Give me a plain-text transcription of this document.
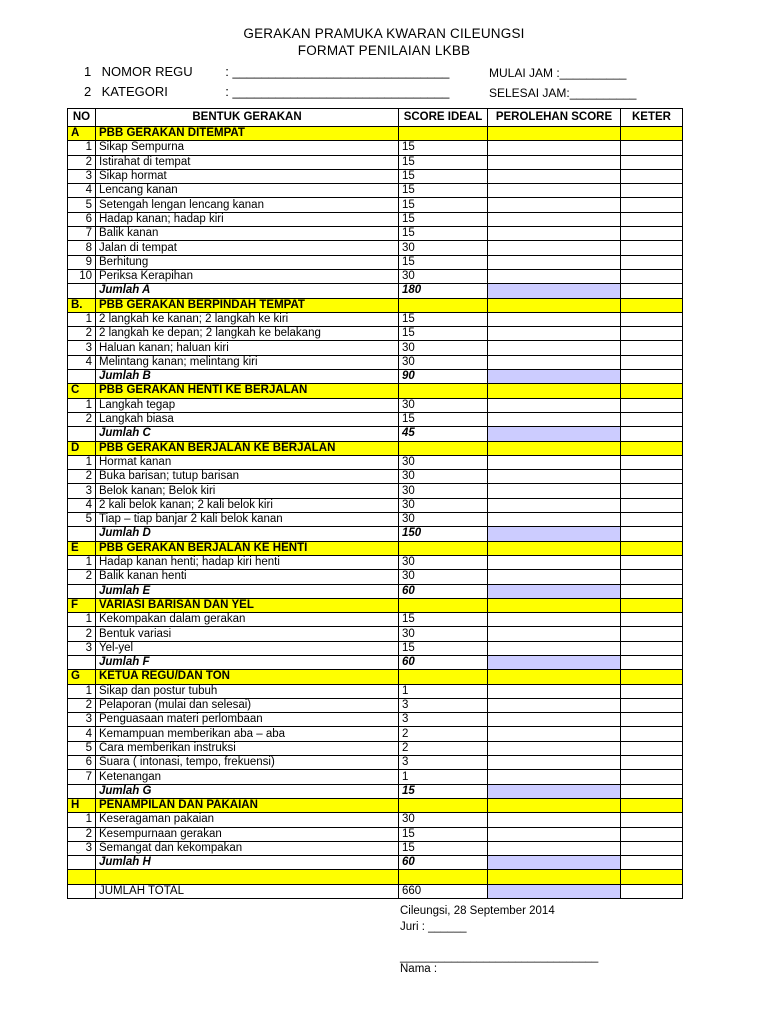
GERAKAN PRAMUKA KWARAN CILEUNGSI
FORMAT PENILAIAN LKBB
1 NOMOR REGU	: ______________________________
2 KATEGORI	: ______________________________
MULAI JAM :__________
SELESAI JAM:__________
NO	BENTUK GERAKAN	SCORE IDEAL	PEROLEHAN SCORE	KETER
A	PBB GERAKAN DITEMPAT			
1	Sikap Sempurna	15		
2	Istirahat di tempat	15		
3	Sikap hormat	15		
4	Lencang kanan	15		
5	Setengah lengan lencang kanan	15		
6	Hadap kanan; hadap kiri	15		
7	Balik kanan	15		
8	Jalan di tempat	30		
9	Berhitung	15		
10	Periksa Kerapihan	30		
	Jumlah A	180		
B.	PBB GERAKAN BERPINDAH TEMPAT			
1	2 langkah ke kanan; 2 langkah ke kiri	15		
2	2 langkah ke depan; 2 langkah ke belakang	15		
3	Haluan kanan; haluan kiri	30		
4	Melintang kanan; melintang kiri	30		
	Jumlah B	90		
C	PBB GERAKAN HENTI KE BERJALAN			
1	Langkah tegap	30		
2	Langkah biasa	15		
	Jumlah C	45		
D	PBB GERAKAN BERJALAN KE BERJALAN			
1	Hormat kanan	30		
2	Buka barisan; tutup barisan	30		
3	Belok kanan; Belok kiri	30		
4	2 kali belok kanan; 2 kali belok kiri	30		
5	Tiap – tiap banjar 2 kali belok kanan	30		
	Jumlah D	150		
E	PBB GERAKAN BERJALAN KE HENTI			
1	Hadap kanan henti; hadap kiri henti	30		
2	Balik kanan henti	30		
	Jumlah E	60		
F	VARIASI BARISAN DAN YEL			
1	Kekompakan dalam gerakan	15		
2	Bentuk variasi	30		
3	Yel-yel	15		
	Jumlah F	60		
G	KETUA REGU/DAN TON			
1	Sikap dan postur tubuh	1		
2	Pelaporan (mulai dan selesai)	3		
3	Penguasaan materi perlombaan	3		
4	Kemampuan memberikan aba – aba	2		
5	Cara memberikan instruksi	2		
6	Suara ( intonasi, tempo, frekuensi)	3		
7	Ketenangan	1		
	Jumlah G	15		
H	PENAMPILAN DAN PAKAIAN			
1	Keseragaman pakaian	30		
2	Kesempurnaan gerakan	15		
3	Semangat dan kekompakan	15		
	Jumlah H	60		

	JUMLAH TOTAL	660		
Cileungsi, 28 September 2014
Juri : ______
_______________________________
Nama :
